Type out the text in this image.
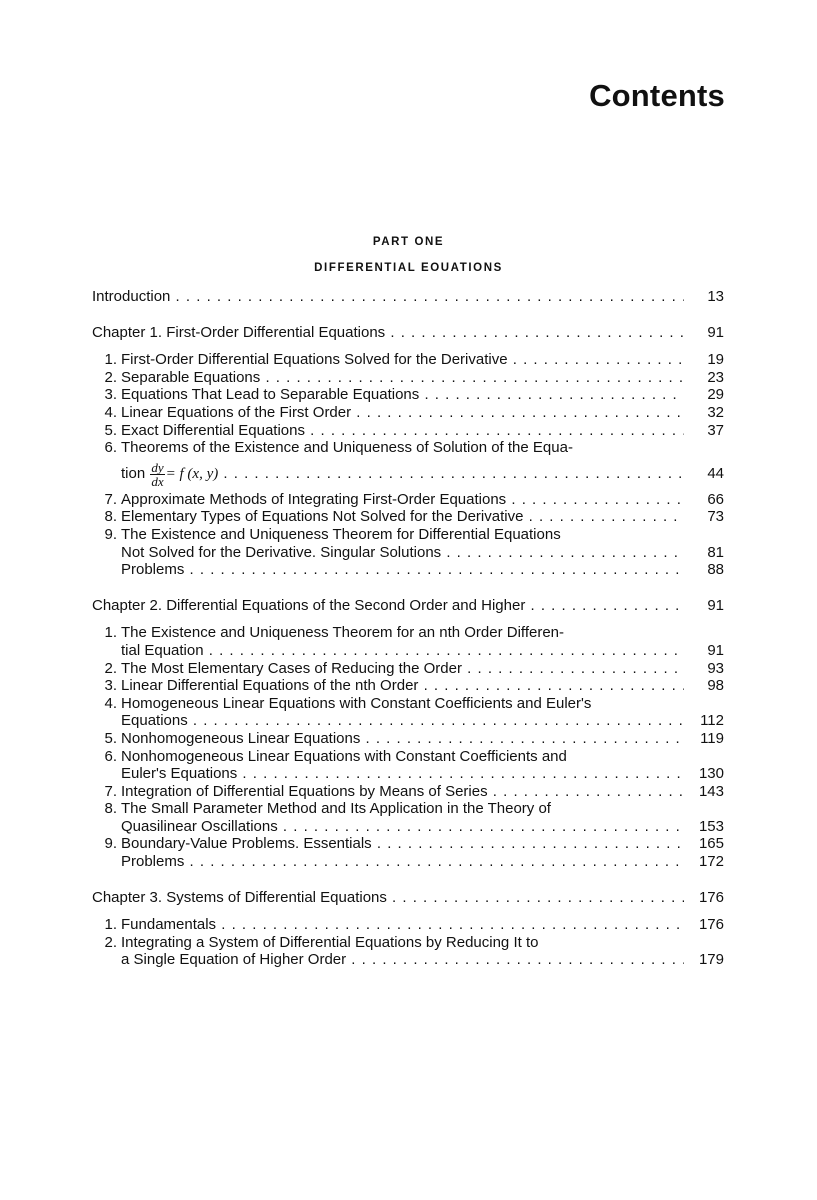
Contents
PART ONE
DIFFERENTIAL EOUATIONS
Introduction . . .	13
Chapter 1. First-Order Differential Equations . . .	91
1. First-Order Differential Equations Solved for the Derivative . . .	19
2. Separable Equations . . .	23
3. Equations That Lead to Separable Equations . . .	29
4. Linear Equations of the First Order . . .	32
5. Exact Differential Equations . . .	37
6. Theorems of the Existence and Uniqueness of Solution of the Equa-
tion $\frac{dy}{dx} = f$ (x, y) . . .	44
7. Approximate Methods of Integrating First-Order Equations . . .	66
8. Elementary Types of Equations Not Solved for the Derivative . . .	73
9. The Existence and Uniqueness Theorem for Differential Equations
Not Solved for the Derivative. Singular Solutions . . .	81
Problems . . .	88
Chapter 2. Differential Equations of the Second Order and Higher . . .	91
1. The Existence and Uniqueness Theorem for an nth Order Differen-
tial Equation . . .	91
2. The Most Elementary Cases of Reducing the Order . . .	93
3. Linear Differential Equations of the nth Order . . .	98
4. Homogeneous Linear Equations with Constant Coefficients and Euler's
Equations . . .	112
5. Nonhomogeneous Linear Equations . . .	119
6. Nonhomogeneous Linear Equations with Constant Coefficients and
Euler's Equations . . .	130
7. Integration of Differential Equations by Means of Series . . .	143
8. The Small Parameter Method and Its Application in the Theory of
Quasilinear Oscillations . . .	153
9. Boundary-Value Problems. Essentials . . .	165
Problems . . .	172
Chapter 3. Systems of Differential Equations . . .	176
1. Fundamentals . . .	176
2. Integrating a System of Differential Equations by Reducing It to
a Single Equation of Higher Order . . .	179
